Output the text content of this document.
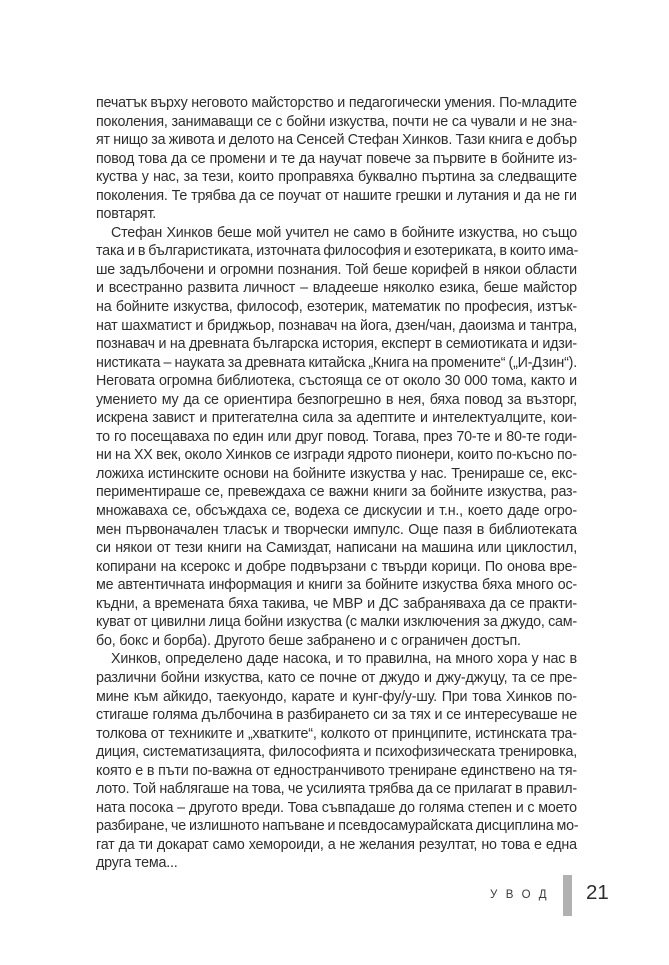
печатък върху неговото майсторство и педагогически умения. По-младите
поколения, занимаващи се с бойни изкуства, почти не са чували и не зна-
ят нищо за живота и делото на Сенсей Стефан Хинков. Тази книга е добър
повод това да се промени и те да научат повече за първите в бойните из-
куства у нас, за тези, които проправяха буквално пъртина за следващите
поколения. Те трябва да се поучат от нашите грешки и лутания и да не ги
повтарят.
Стефан Хинков беше мой учител не само в бойните изкуства, но също
така и в българистиката, източната философия и езотериката, в които има-
ше задълбочени и огромни познания. Той беше корифей в някои области
и всестранно развита личност – владееше няколко езика, беше майстор
на бойните изкуства, философ, езотерик, математик по професия, изтък-
нат шахматист и бриджьор, познавач на йога, дзен/чан, даоизма и тантра,
познавач и на древната българска история, експерт в семиотиката и идзи-
нистиката – науката за древната китайска „Книга на промените“ („И-Дзин“).
Неговата огромна библиотека, състояща се от около 30 000 тома, както и
умението му да се ориентира безпогрешно в нея, бяха повод за възторг,
искрена завист и притегателна сила за адептите и интелектуалците, кои-
то го посещаваха по един или друг повод. Тогава, през 70-те и 80-те годи-
ни на XX век, около Хинков се изгради ядрото пионери, които по-късно по-
ложиха истинските основи на бойните изкуства у нас. Тренираше се, екс-
периментираше се, превеждаха се важни книги за бойните изкуства, раз-
множаваха се, обсъждаха се, водеха се дискусии и т.н., което даде огро-
мен първоначален тласък и творчески импулс. Още пазя в библиотеката
си някои от тези книги на Самиздат, написани на машина или циклостил,
копирани на ксерокс и добре подвързани с твърди корици. По онова вре-
ме автентичната информация и книги за бойните изкуства бяха много ос-
къдни, а времената бяха такива, че МВР и ДС забраняваха да се практи-
куват от цивилни лица бойни изкуства (с малки изключения за джудо, сам-
бо, бокс и борба). Другото беше забранено и с ограничен достъп.
Хинков, определено даде насока, и то правилна, на много хора у нас в
различни бойни изкуства, като се почне от джудо и джу-джуцу, та се пре-
мине към айкидо, таекуондо, карате и кунг-фу/у-шу. При това Хинков по-
стигаше голяма дълбочина в разбирането си за тях и се интересуваше не
толкова от техниките и „хватките“, колкото от принципите, истинската тра-
диция, систематизацията, философията и психофизическата тренировка,
която е в пъти по-важна от едностранчивото трениране единствено на тя-
лото. Той наблягаше на това, че усилията трябва да се прилагат в правил-
ната посока – другото вреди. Това съвпадаше до голяма степен и с моето
разбиране, че излишното напъване и псевдосамурайската дисциплина мо-
гат да ти докарат само хемороиди, а не желания резултат, но това е една
друга тема...
УВОД 21
